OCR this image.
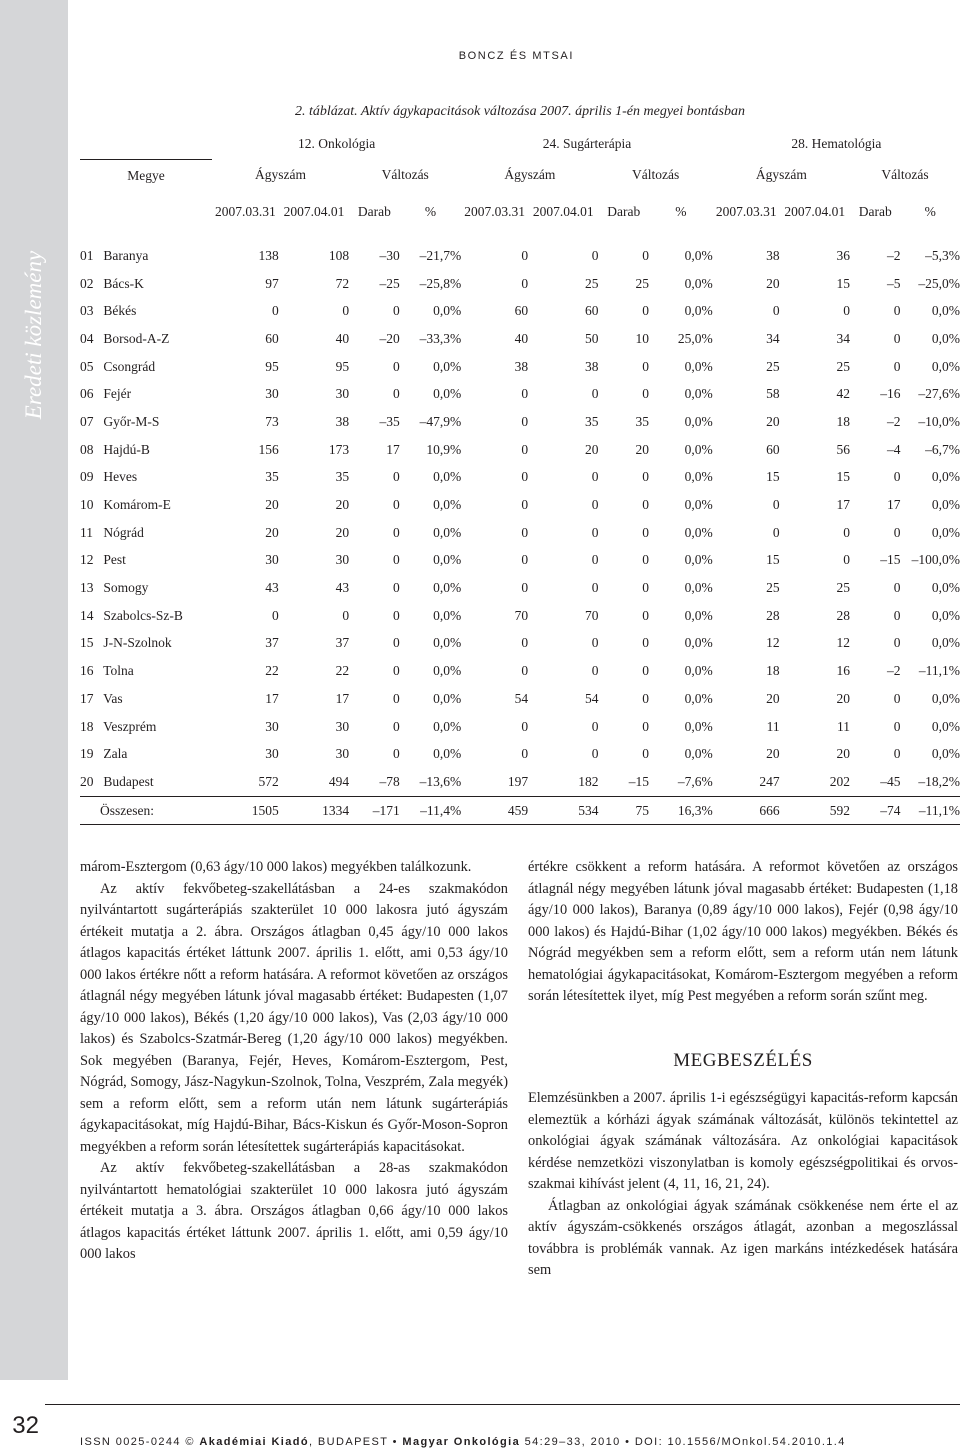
BONCZ ÉS MTSAI
Eredeti közlemény
2. táblázat. Aktív ágykapacitások változása 2007. április 1-én megyei bontásban
	12. Onkológia				24. Sugárterápia				28. Hematológia			
Megye	Ágyszám		Változás		Ágyszám		Változás		Ágyszám		Változás	
	2007.03.31	2007.04.01	Darab	%	2007.03.31	2007.04.01	Darab	%	2007.03.31	2007.04.01	Darab	%

01 Baranya	138	108	–30	–21,7%	0	0	0	0,0%	38	36	–2	–5,3%
02 Bács-K	97	72	–25	–25,8%	0	25	25	0,0%	20	15	–5	–25,0%
03 Békés	0	0	0	0,0%	60	60	0	0,0%	0	0	0	0,0%
04 Borsod-A-Z	60	40	–20	–33,3%	40	50	10	25,0%	34	34	0	0,0%
05 Csongrád	95	95	0	0,0%	38	38	0	0,0%	25	25	0	0,0%
06 Fejér	30	30	0	0,0%	0	0	0	0,0%	58	42	–16	–27,6%
07 Győr-M-S	73	38	–35	–47,9%	0	35	35	0,0%	20	18	–2	–10,0%
08 Hajdú-B	156	173	17	10,9%	0	20	20	0,0%	60	56	–4	–6,7%
09 Heves	35	35	0	0,0%	0	0	0	0,0%	15	15	0	0,0%
10 Komárom-E	20	20	0	0,0%	0	0	0	0,0%	0	17	17	0,0%
11 Nógrád	20	20	0	0,0%	0	0	0	0,0%	0	0	0	0,0%
12 Pest	30	30	0	0,0%	0	0	0	0,0%	15	0	–15	–100,0%
13 Somogy	43	43	0	0,0%	0	0	0	0,0%	25	25	0	0,0%
14 Szabolcs-Sz-B	0	0	0	0,0%	70	70	0	0,0%	28	28	0	0,0%
15 J-N-Szolnok	37	37	0	0,0%	0	0	0	0,0%	12	12	0	0,0%
16 Tolna	22	22	0	0,0%	0	0	0	0,0%	18	16	–2	–11,1%
17 Vas	17	17	0	0,0%	54	54	0	0,0%	20	20	0	0,0%
18 Veszprém	30	30	0	0,0%	0	0	0	0,0%	11	11	0	0,0%
19 Zala	30	30	0	0,0%	0	0	0	0,0%	20	20	0	0,0%
20 Budapest	572	494	–78	–13,6%	197	182	–15	–7,6%	247	202	–45	–18,2%
Összesen:	1505	1334	–171	–11,4%	459	534	75	16,3%	666	592	–74	–11,1%

márom-Esztergom (0,63 ágy/10 000 lakos) megyékben találkozunk.

Az aktív fekvőbeteg-szakellátásban a 24-es szakmakódon nyilvántartott sugárterápiás szakterület 10 000 lakosra jutó ágyszám értékeit mutatja a 2. ábra. Országos átlagban 0,45 ágy/10 000 lakos átlagos kapacitás értéket láttunk 2007. április 1. előtt, ami 0,53 ágy/10 000 lakos értékre nőtt a reform hatására. A reformot követően az országos átlagnál négy megyében látunk jóval magasabb értéket: Budapesten (1,07 ágy/10 000 lakos), Békés (1,20 ágy/10 000 lakos), Vas (2,03 ágy/10 000 lakos) és Szabolcs-Szatmár-Bereg (1,20 ágy/10 000 lakos) megyékben. Sok megyében (Baranya, Fejér, Heves, Komárom-Esztergom, Pest, Nógrád, Somogy, Jász-Nagykun-Szolnok, Tolna, Veszprém, Zala megyék) sem a reform előtt, sem a reform után nem látunk sugárterápiás ágykapacitásokat, míg Hajdú-Bihar, Bács-Kiskun és Győr-Moson-Sopron megyékben a reform során létesítettek sugárterápiás kapacitásokat.

Az aktív fekvőbeteg-szakellátásban a 28-as szakmakódon nyilvántartott hematológiai szakterület 10 000 lakosra jutó ágyszám értékeit mutatja a 3. ábra. Országos átlagban 0,66 ágy/10 000 lakos átlagos kapacitás értéket láttunk 2007. április 1. előtt, ami 0,59 ágy/10 000 lakos

értékre csökkent a reform hatására. A reformot követően az országos átlagnál négy megyében látunk jóval magasabb értéket: Budapesten (1,18 ágy/10 000 lakos), Baranya (0,89 ágy/10 000 lakos), Fejér (0,98 ágy/10 000 lakos) és Hajdú-Bihar (1,02 ágy/10 000 lakos) megyékben. Békés és Nógrád megyékben sem a reform előtt, sem a reform után nem látunk hematológiai ágykapacitásokat, Komárom-Esztergom megyében a reform során létesítettek ilyet, míg Pest megyében a reform során szűnt meg.

MEGBESZÉLÉS

Elemzésünkben a 2007. április 1-i egészségügyi kapacitás-reform kapcsán elemeztük a kórházi ágyak számának változását, különös tekintettel az onkológiai ágyak számának változására. Az onkológiai kapacitások kérdése nemzetközi viszonylatban is komoly egészségpolitikai és orvos-szakmai kihívást jelent (4, 11, 16, 21, 24).

Átlagban az onkológiai ágyak számának csökkenése nem érte el az aktív ágyszám-csökkenés országos átlagát, azonban a megoszlással továbbra is problémák vannak. Az igen markáns intézkedések hatására sem

32
ISSN 0025-0244 © Akadémiai Kiadó, BUDAPEST • Magyar Onkológia 54:29–33, 2010 • DOI: 10.1556/MOnkol.54.2010.1.4
